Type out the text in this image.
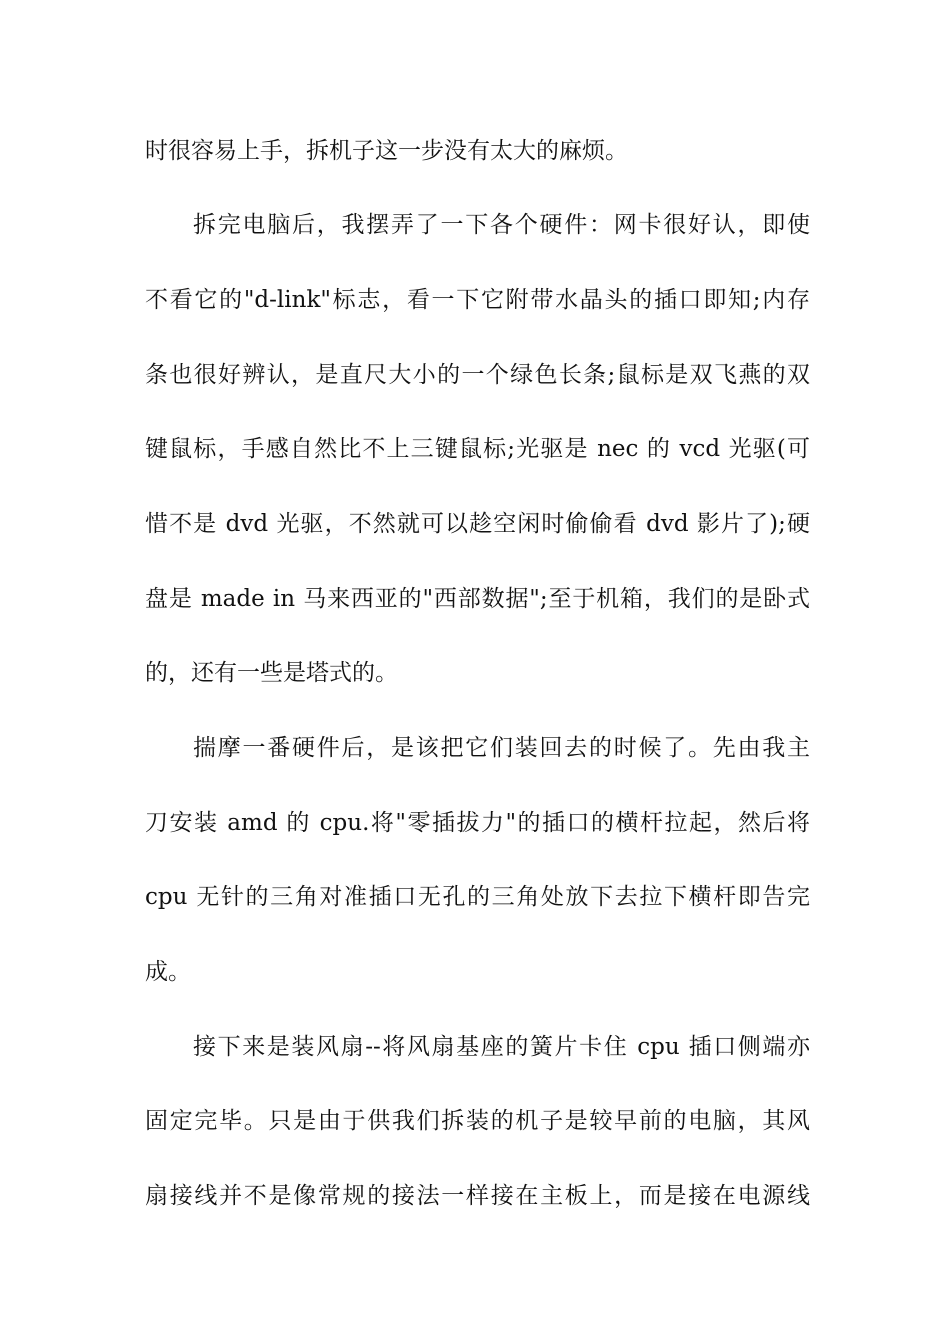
时很容易上手，拆机子这一步没有太大的麻烦。
拆完电脑后，我摆弄了一下各个硬件：网卡很好认，即使
不看它的"d-link"标志，看一下它附带水晶头的插口即知;内存
条也很好辨认，是直尺大小的一个绿色长条;鼠标是双飞燕的双
键鼠标，手感自然比不上三键鼠标;光驱是 nec 的 vcd 光驱(可
惜不是 dvd 光驱，不然就可以趁空闲时偷偷看 dvd 影片了);硬
盘是 made in 马来西亚的"西部数据";至于机箱，我们的是卧式
的，还有一些是塔式的。
揣摩一番硬件后，是该把它们装回去的时候了。先由我主
刀安装 amd 的 cpu.将"零插拔力"的插口的横杆拉起，然后将
cpu 无针的三角对准插口无孔的三角处放下去拉下横杆即告完
成。
接下来是装风扇--将风扇基座的簧片卡住 cpu 插口侧端亦
固定完毕。只是由于供我们拆装的机子是较早前的电脑，其风
扇接线并不是像常规的接法一样接在主板上，而是接在电源线
